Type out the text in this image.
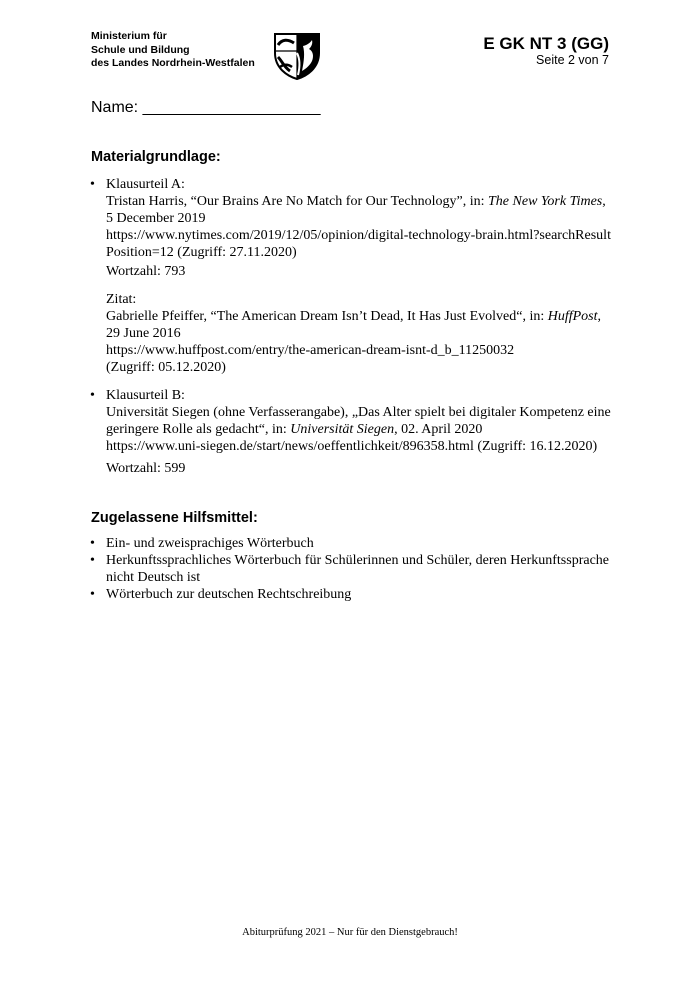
Ministerium für
Schule und Bildung
des Landes Nordrhein-Westfalen
E GK NT 3 (GG)
Seite 2 von 7
Name: ____________________
Materialgrundlage:
• Klausurteil A:
Tristan Harris, “Our Brains Are No Match for Our Technology”, in: The New York Times,
5 December 2019
https://www.nytimes.com/2019/12/05/opinion/digital-technology-brain.html?searchResult
Position=12 (Zugriff: 27.11.2020)
Wortzahl: 793
Zitat:
Gabrielle Pfeiffer, “The American Dream Isn’t Dead, It Has Just Evolved“, in: HuffPost,
29 June 2016
https://www.huffpost.com/entry/the-american-dream-isnt-d_b_11250032
(Zugriff: 05.12.2020)
• Klausurteil B:
Universität Siegen (ohne Verfasserangabe), „Das Alter spielt bei digitaler Kompetenz eine
geringere Rolle als gedacht“, in: Universität Siegen, 02. April 2020
https://www.uni-siegen.de/start/news/oeffentlichkeit/896358.html (Zugriff: 16.12.2020)
Wortzahl: 599
Zugelassene Hilfsmittel:
• Ein- und zweisprachiges Wörterbuch
• Herkunftssprachliches Wörterbuch für Schülerinnen und Schüler, deren Herkunftssprache
nicht Deutsch ist
• Wörterbuch zur deutschen Rechtschreibung
Abiturprüfung 2021 – Nur für den Dienstgebrauch!
